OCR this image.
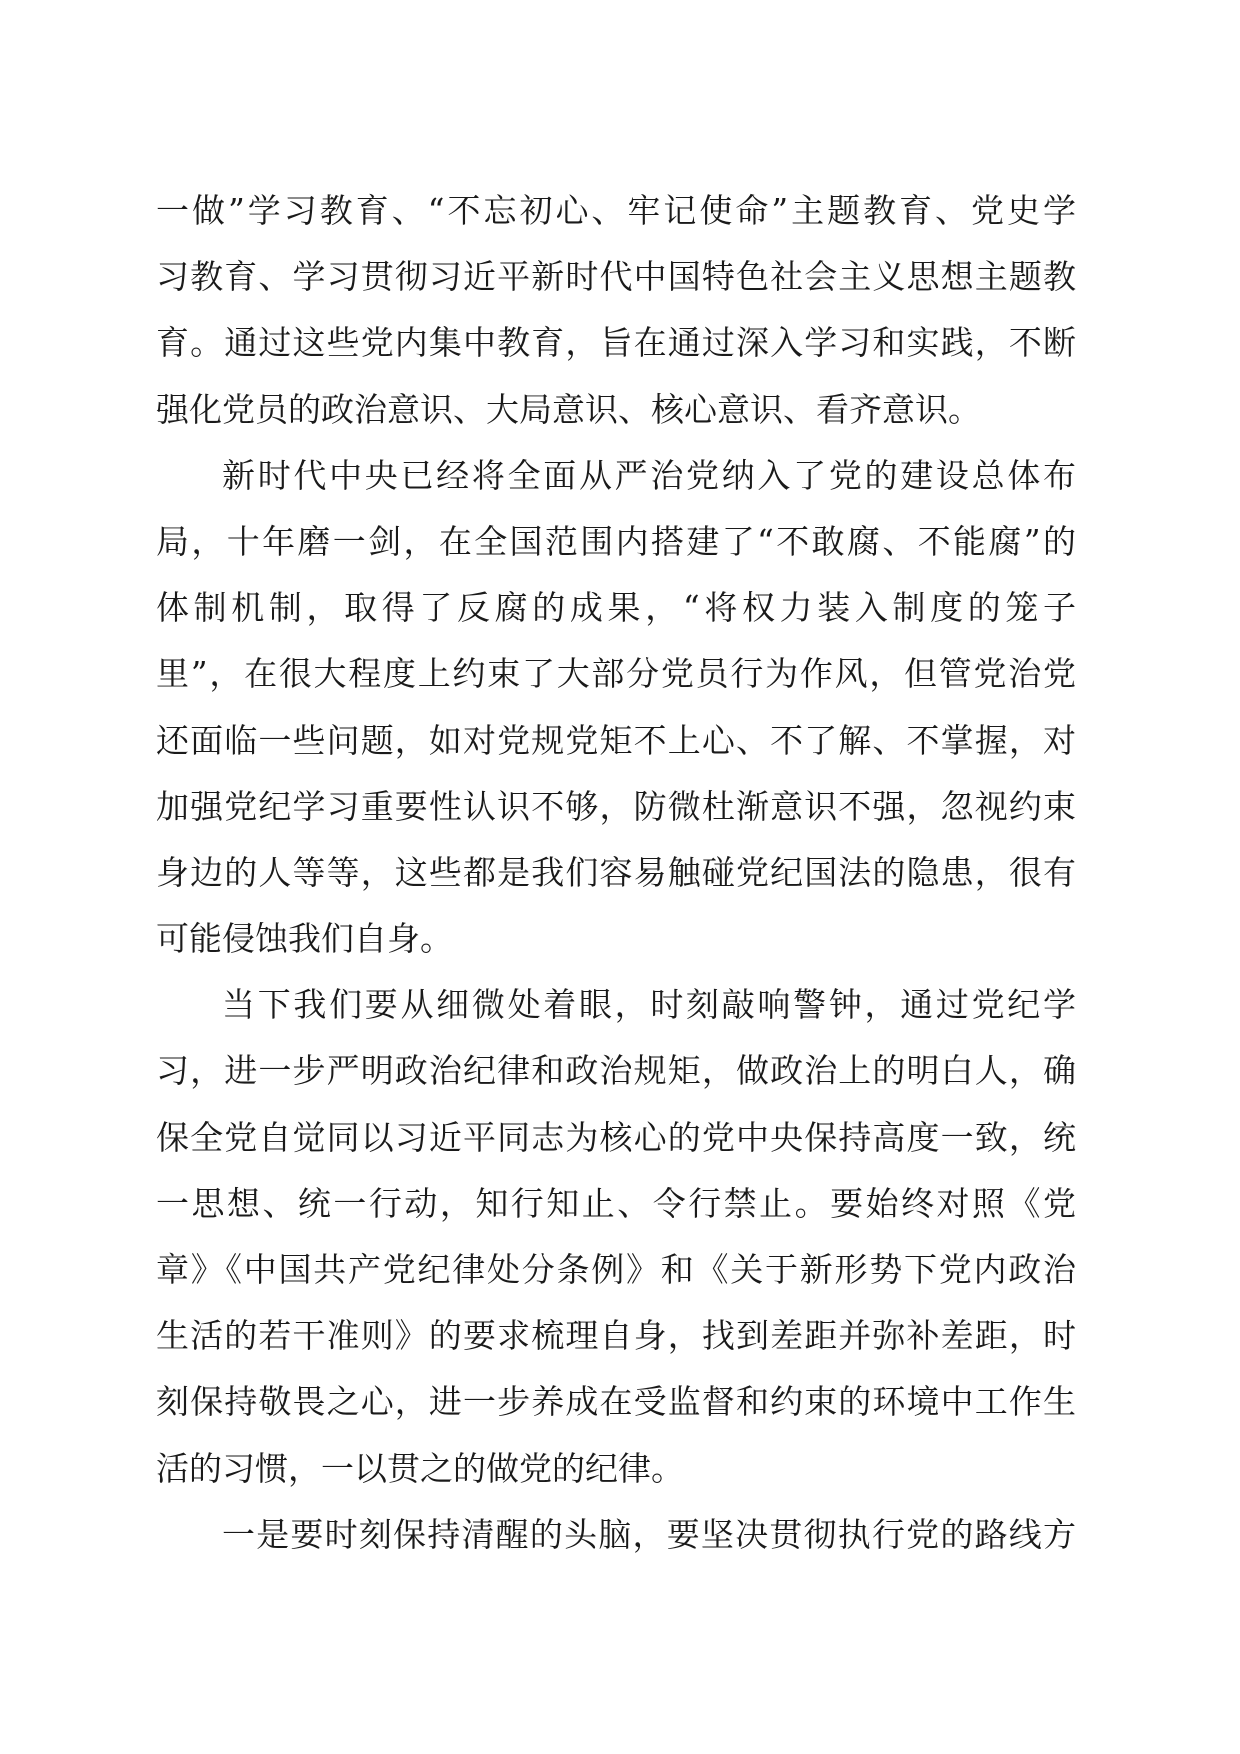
一做”学习教育、“不忘初心、牢记使命”主题教育、党史学
习教育、学习贯彻习近平新时代中国特色社会主义思想主题教
育。通过这些党内集中教育，旨在通过深入学习和实践，不断
强化党员的政治意识、大局意识、核心意识、看齐意识。
新时代中央已经将全面从严治党纳入了党的建设总体布
局，十年磨一剑，在全国范围内搭建了“不敢腐、不能腐”的
体制机制，取得了反腐的成果，“将权力装入制度的笼子
里”，在很大程度上约束了大部分党员行为作风，但管党治党
还面临一些问题，如对党规党矩不上心、不了解、不掌握，对
加强党纪学习重要性认识不够，防微杜渐意识不强，忽视约束
身边的人等等，这些都是我们容易触碰党纪国法的隐患，很有
可能侵蚀我们自身。
当下我们要从细微处着眼，时刻敲响警钟，通过党纪学
习，进一步严明政治纪律和政治规矩，做政治上的明白人，确
保全党自觉同以习近平同志为核心的党中央保持高度一致，统
一思想、统一行动，知行知止、令行禁止。要始终对照《党
章》《中国共产党纪律处分条例》和《关于新形势下党内政治
生活的若干准则》的要求梳理自身，找到差距并弥补差距，时
刻保持敬畏之心，进一步养成在受监督和约束的环境中工作生
活的习惯，一以贯之的做党的纪律。
一是要时刻保持清醒的头脑，要坚决贯彻执行党的路线方
